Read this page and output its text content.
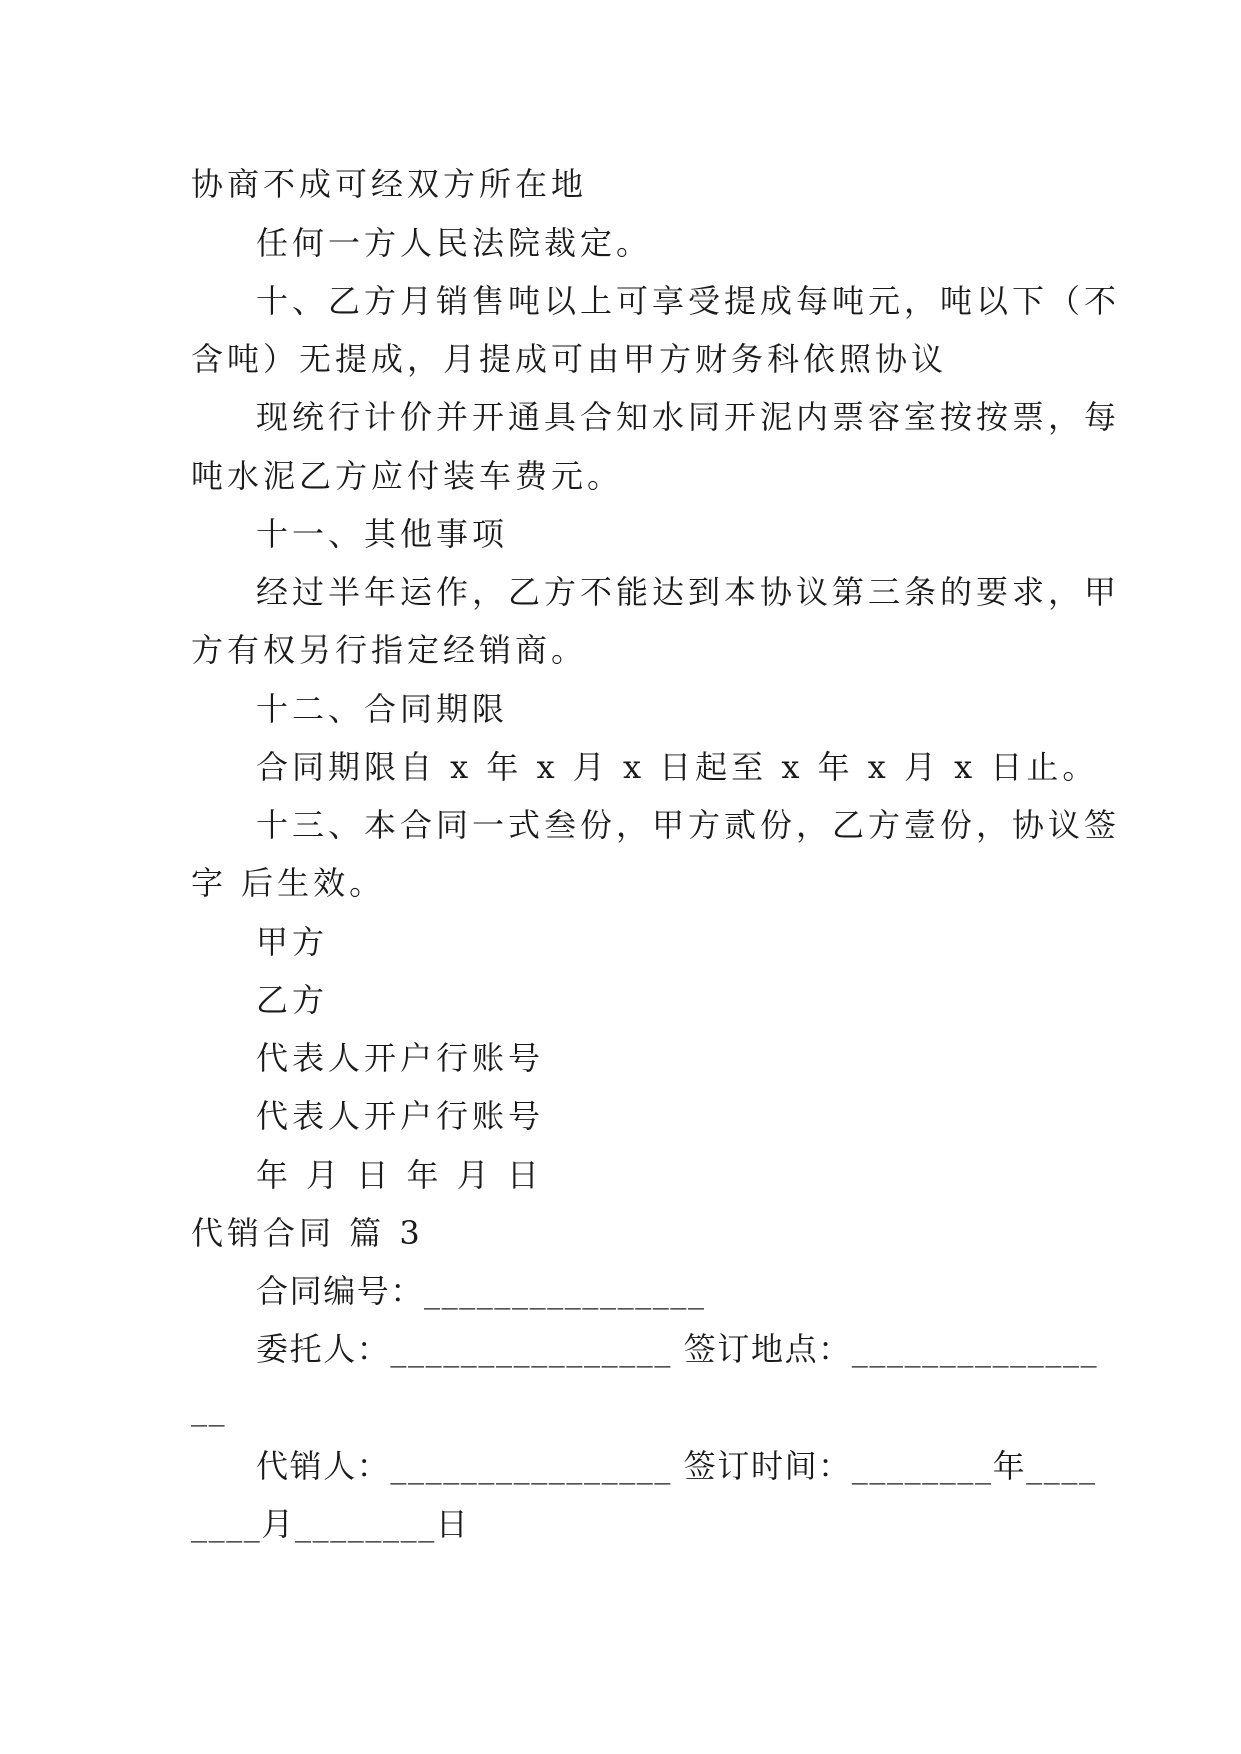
协商不成可经双方所在地
任何一方人民法院裁定。
十、乙方月销售吨以上可享受提成每吨元，吨以下（不
含吨）无提成，月提成可由甲方财务科依照协议
现统行计价并开通具合知水同开泥内票容室按按票，每
吨水泥乙方应付装车费元。
十一、其他事项
经过半年运作，乙方不能达到本协议第三条的要求，甲
方有权另行指定经销商。
十二、合同期限
合同期限自 x 年 x 月 x 日起至 x 年 x 月 x 日止。
十三、本合同一式叁份，甲方贰份，乙方壹份，协议签
字 后生效。
甲方
乙方
代表人开户行账号
代表人开户行账号
年 月 日 年 月 日
代销合同 篇 3
合同编号：________________
委托人：________________ 签订地点：______________
__
代销人：________________ 签订时间：________年____
____月________日
